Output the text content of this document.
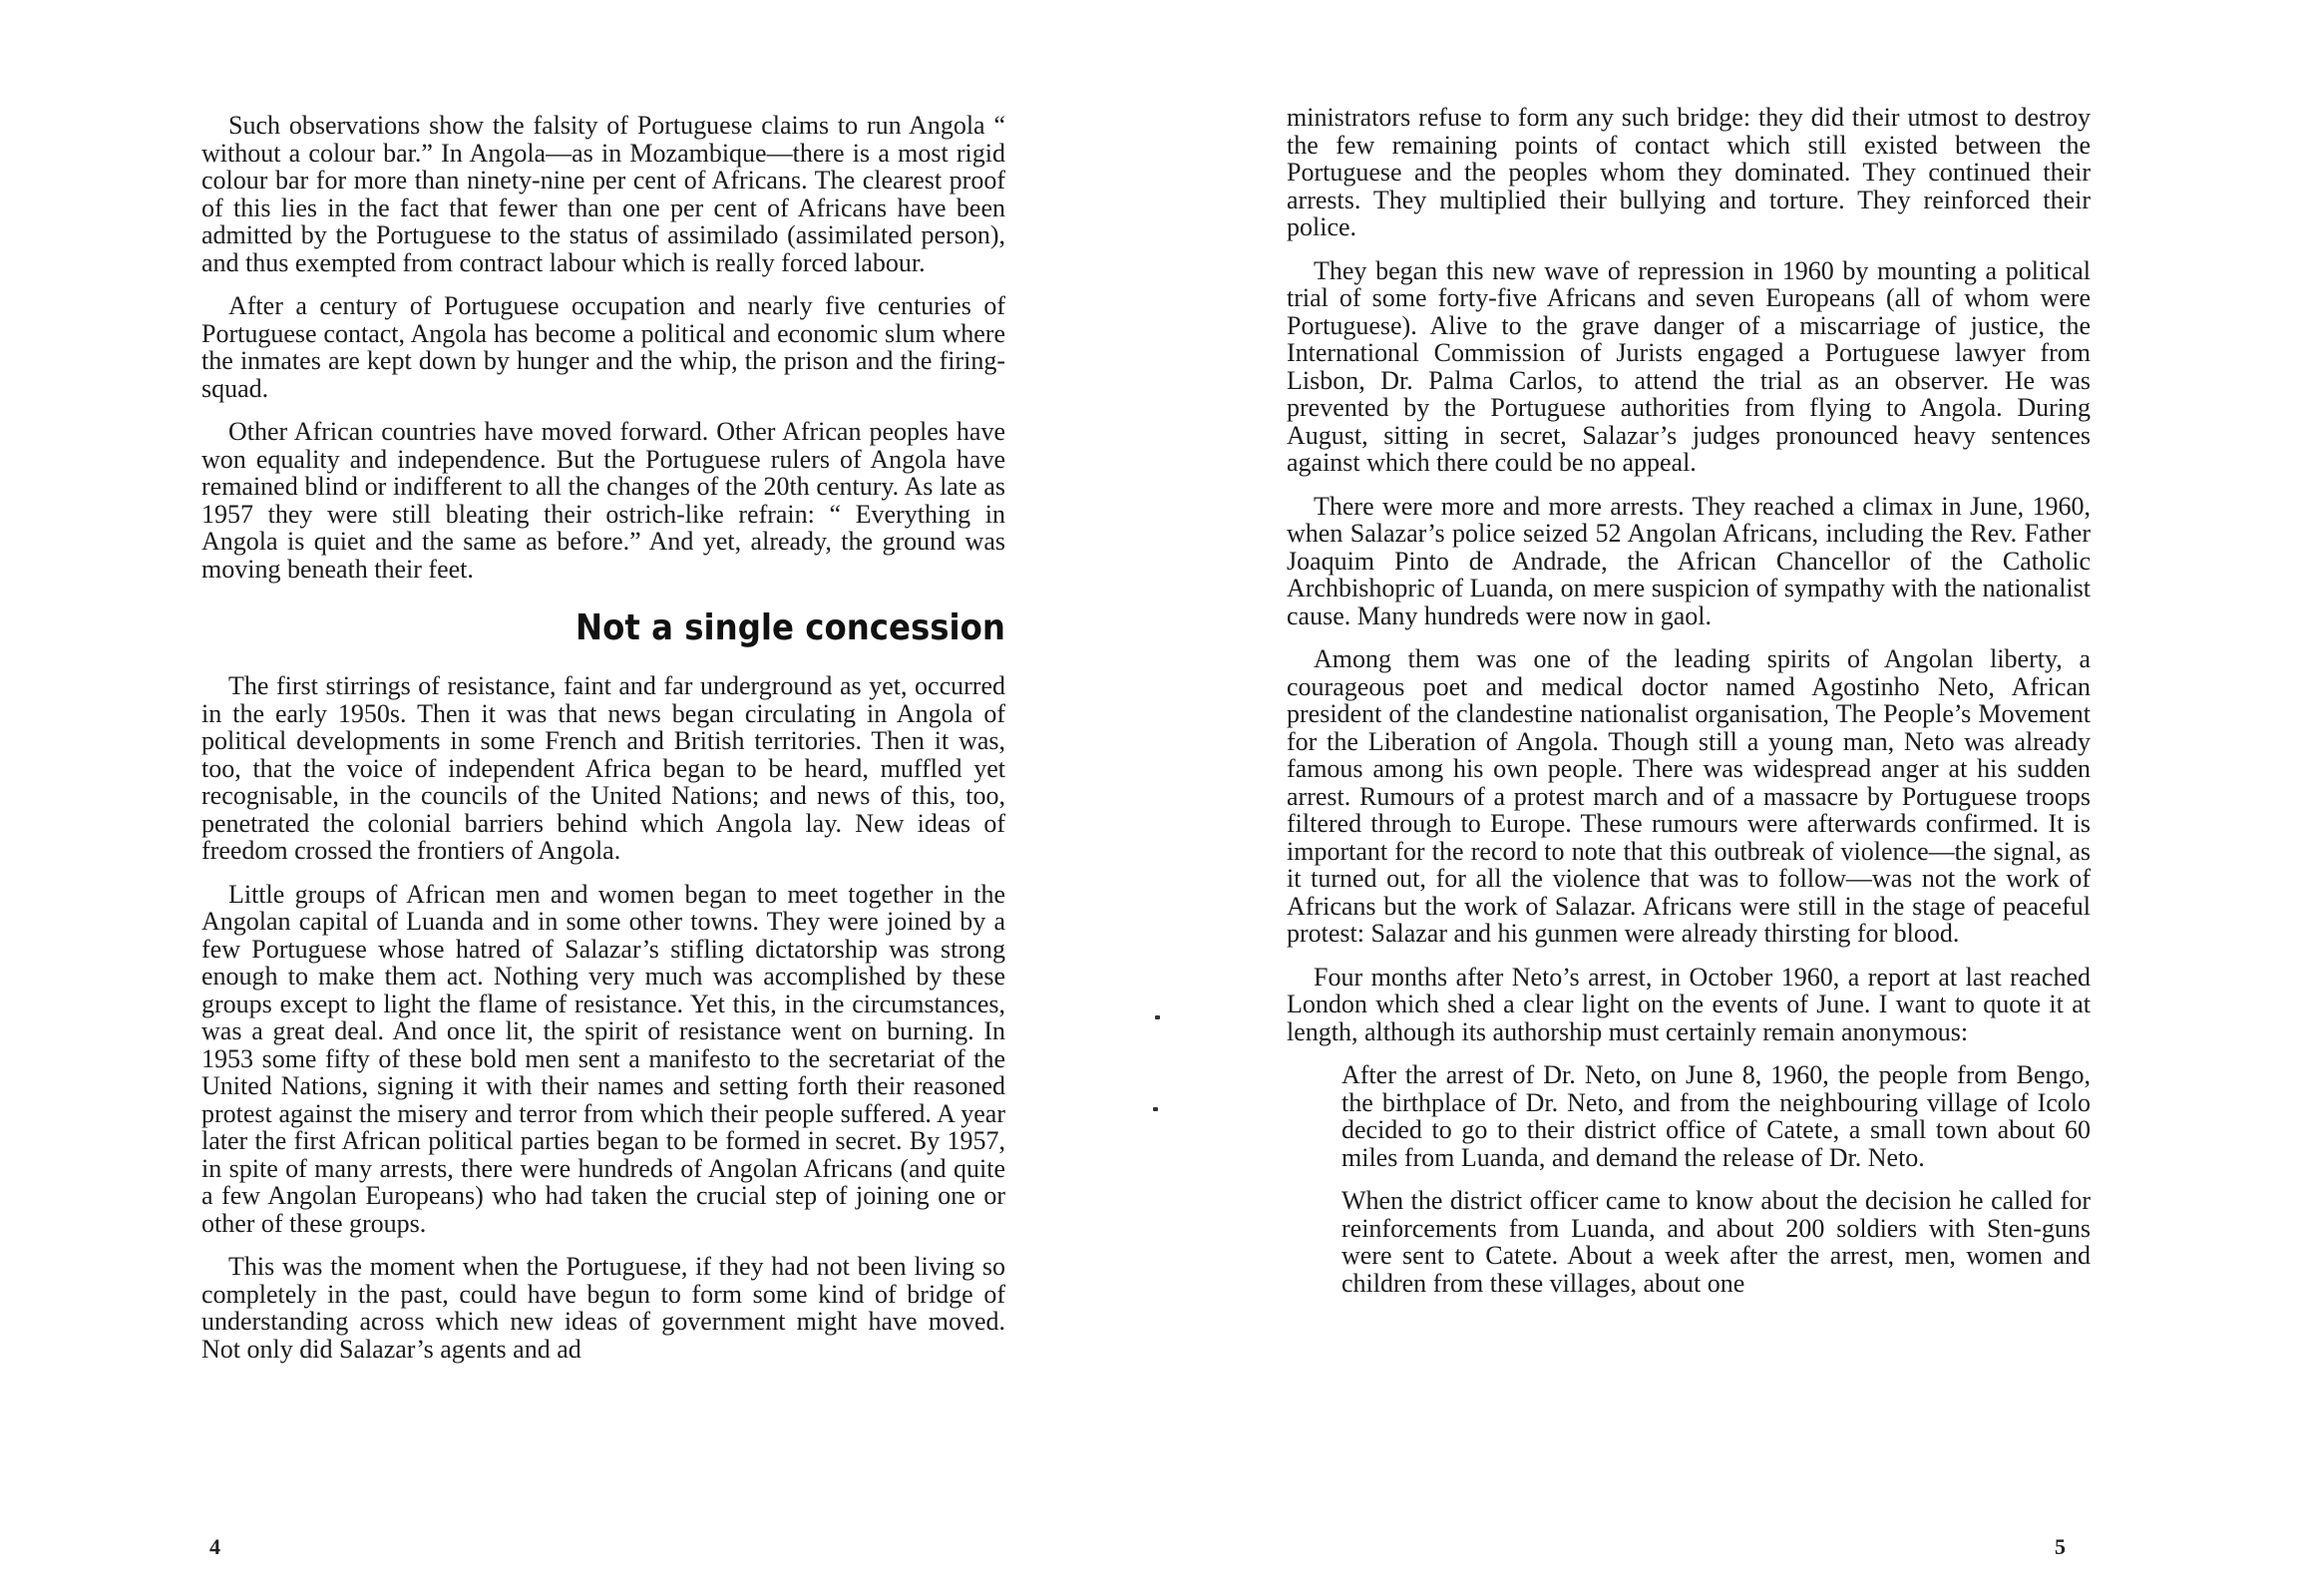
Such observations show the falsity of Portuguese claims to run Angola “ without a colour bar.” In Angola—as in Mozambique—there is a most rigid colour bar for more than ninety-nine per cent of Africans. The clearest proof of this lies in the fact that fewer than one per cent of Africans have been admitted by the Portuguese to the status of assimilado (assimilated person), and thus exempted from contract labour which is really forced labour.

After a century of Portuguese occupation and nearly five centuries of Portuguese contact, Angola has become a political and economic slum where the inmates are kept down by hunger and the whip, the prison and the firing-squad.

Other African countries have moved forward. Other African peoples have won equality and independence. But the Portuguese rulers of Angola have remained blind or indifferent to all the changes of the 20th century. As late as 1957 they were still bleating their ostrich-like refrain: “ Everything in Angola is quiet and the same as before.” And yet, already, the ground was moving beneath their feet.

Not a single concession

The first stirrings of resistance, faint and far underground as yet, occurred in the early 1950s. Then it was that news began circulating in Angola of political developments in some French and British territories. Then it was, too, that the voice of independent Africa began to be heard, muffled yet recognisable, in the councils of the United Nations; and news of this, too, penetrated the colonial barriers behind which Angola lay. New ideas of freedom crossed the frontiers of Angola.

Little groups of African men and women began to meet together in the Angolan capital of Luanda and in some other towns. They were joined by a few Portuguese whose hatred of Salazar’s stifling dictatorship was strong enough to make them act. Nothing very much was accomplished by these groups except to light the flame of resistance. Yet this, in the circumstances, was a great deal. And once lit, the spirit of resistance went on burning. In 1953 some fifty of these bold men sent a manifesto to the secretariat of the United Nations, signing it with their names and setting forth their reasoned protest against the misery and terror from which their people suffered. A year later the first African political parties began to be formed in secret. By 1957, in spite of many arrests, there were hundreds of Angolan Africans (and quite a few Angolan Europeans) who had taken the crucial step of joining one or other of these groups.

This was the moment when the Portuguese, if they had not been living so completely in the past, could have begun to form some kind of bridge of understanding across which new ideas of government might have moved. Not only did Salazar’s agents and ad

4

ministrators refuse to form any such bridge: they did their utmost to destroy the few remaining points of contact which still existed between the Portuguese and the peoples whom they dominated. They continued their arrests. They multiplied their bullying and torture. They reinforced their police.

They began this new wave of repression in 1960 by mounting a political trial of some forty-five Africans and seven Europeans (all of whom were Portuguese). Alive to the grave danger of a miscarriage of justice, the International Commission of Jurists engaged a Portuguese lawyer from Lisbon, Dr. Palma Carlos, to attend the trial as an observer. He was prevented by the Portuguese authorities from flying to Angola. During August, sitting in secret, Salazar’s judges pronounced heavy sentences against which there could be no appeal.

There were more and more arrests. They reached a climax in June, 1960, when Salazar’s police seized 52 Angolan Africans, including the Rev. Father Joaquim Pinto de Andrade, the African Chancellor of the Catholic Archbishopric of Luanda, on mere suspicion of sympathy with the nationalist cause. Many hundreds were now in gaol.

Among them was one of the leading spirits of Angolan liberty, a courageous poet and medical doctor named Agostinho Neto, African president of the clandestine nationalist organisation, The People’s Movement for the Liberation of Angola. Though still a young man, Neto was already famous among his own people. There was widespread anger at his sudden arrest. Rumours of a protest march and of a massacre by Portuguese troops filtered through to Europe. These rumours were afterwards confirmed. It is important for the record to note that this outbreak of violence—the signal, as it turned out, for all the violence that was to follow—was not the work of Africans but the work of Salazar. Africans were still in the stage of peaceful protest: Salazar and his gunmen were already thirsting for blood.

Four months after Neto’s arrest, in October 1960, a report at last reached London which shed a clear light on the events of June. I want to quote it at length, although its authorship must certainly remain anonymous:

After the arrest of Dr. Neto, on June 8, 1960, the people from Bengo, the birthplace of Dr. Neto, and from the neighbouring village of Icolo decided to go to their district office of Catete, a small town about 60 miles from Luanda, and demand the release of Dr. Neto.

When the district officer came to know about the decision he called for reinforcements from Luanda, and about 200 soldiers with Sten-guns were sent to Catete. About a week after the arrest, men, women and children from these villages, about one

5
